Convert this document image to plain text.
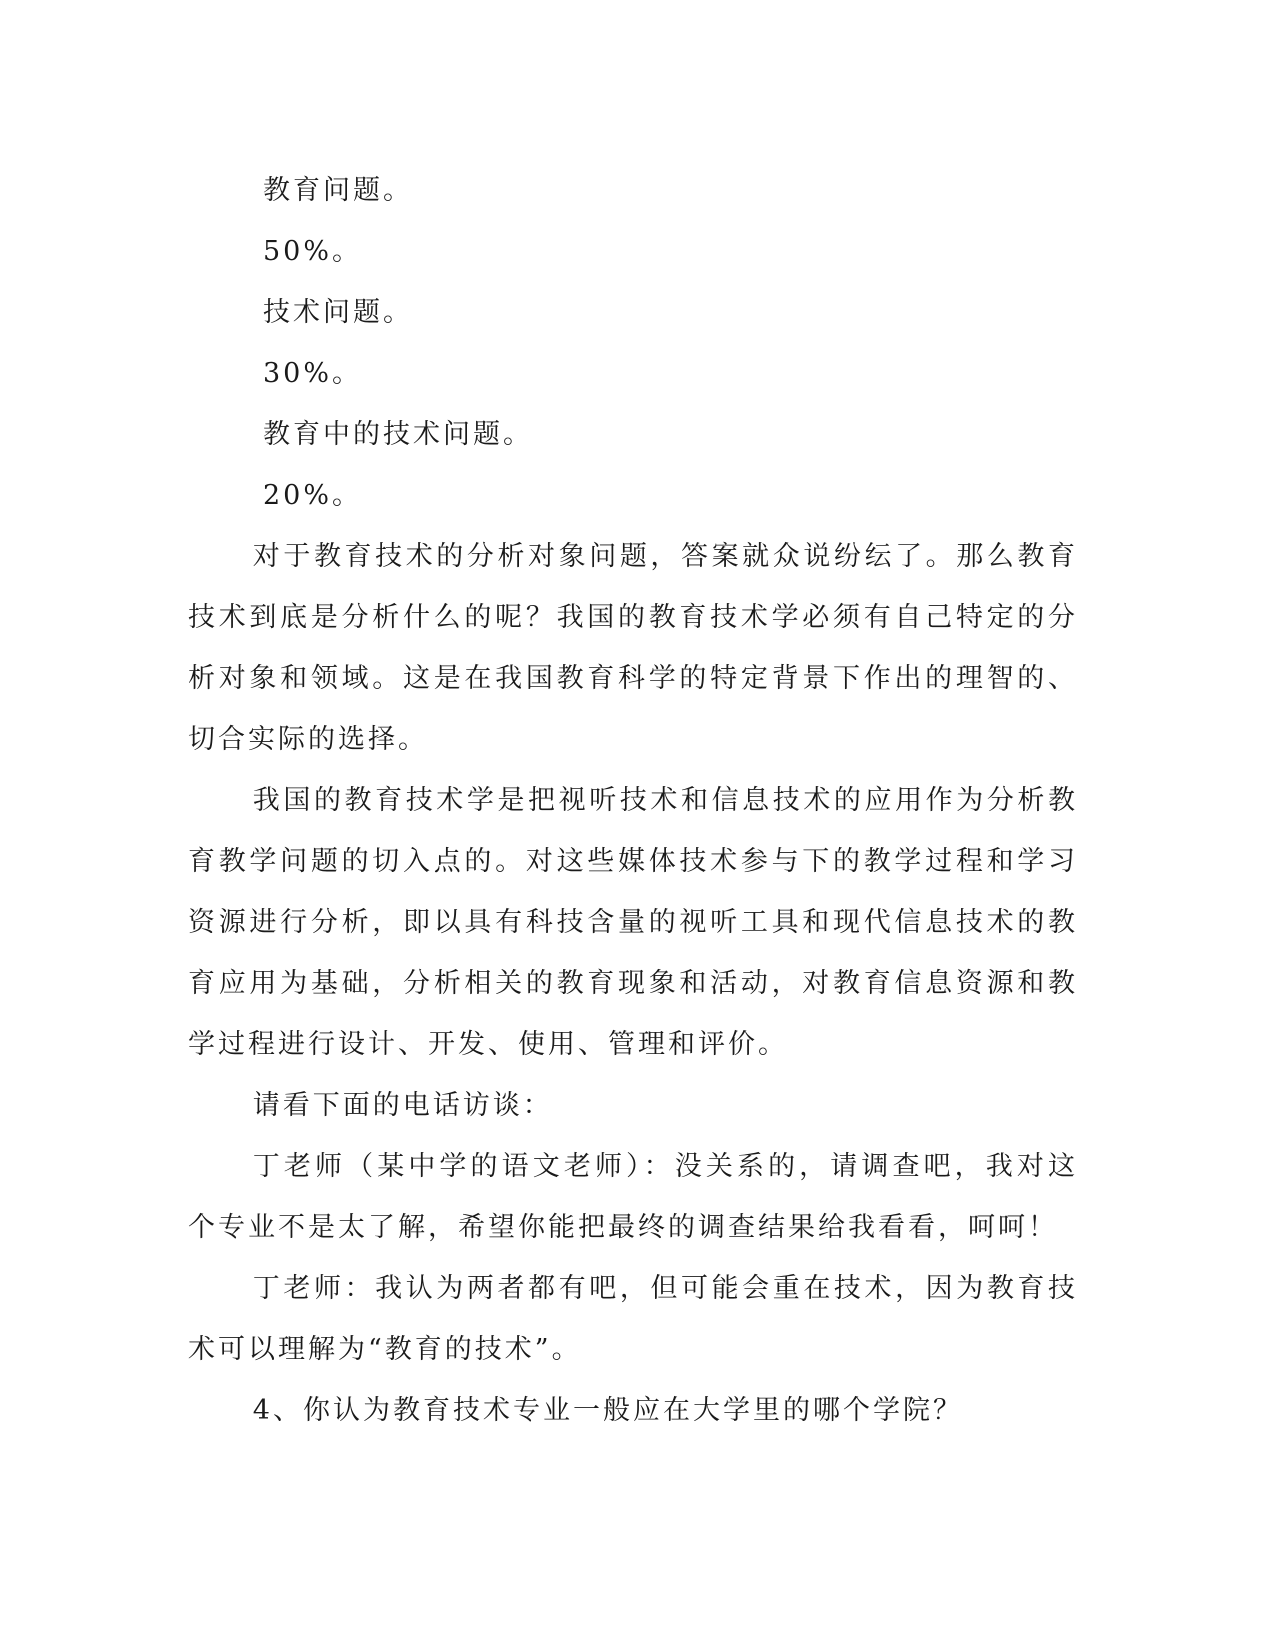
教育问题。

50%。

技术问题。

30%。

教育中的技术问题。

20%。

对于教育技术的分析对象问题，答案就众说纷纭了。那么教育技术到底是分析什么的呢？我国的教育技术学必须有自己特定的分析对象和领域。这是在我国教育科学的特定背景下作出的理智的、切合实际的选择。

我国的教育技术学是把视听技术和信息技术的应用作为分析教育教学问题的切入点的。对这些媒体技术参与下的教学过程和学习资源进行分析，即以具有科技含量的视听工具和现代信息技术的教育应用为基础，分析相关的教育现象和活动，对教育信息资源和教学过程进行设计、开发、使用、管理和评价。

请看下面的电话访谈：

丁老师（某中学的语文老师）：没关系的，请调查吧，我对这个专业不是太了解，希望你能把最终的调查结果给我看看，呵呵！

丁老师：我认为两者都有吧，但可能会重在技术，因为教育技术可以理解为“教育的技术”。

4、你认为教育技术专业一般应在大学里的哪个学院？
